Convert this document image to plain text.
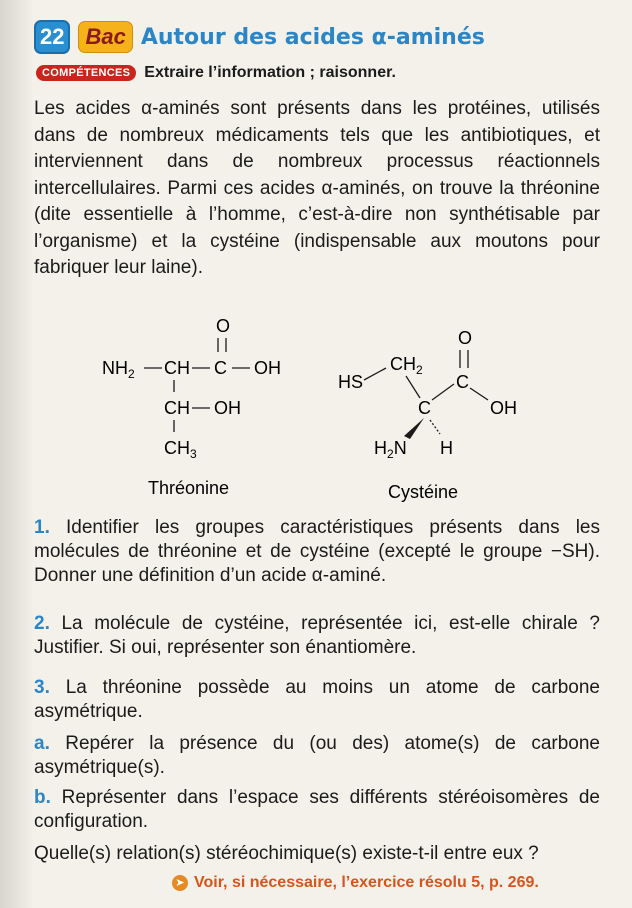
22 Bac Autour des acides α-aminés
COMPÉTENCES Extraire l’information ; raisonner.

Les acides α-aminés sont présents dans les protéines, utilisés dans de nombreux médicaments tels que les antibiotiques, et interviennent dans de nombreux processus réactionnels intercellulaires. Parmi ces acides α-aminés, on trouve la thréonine (dite essentielle à l’homme, c’est-à-dire non synthétisable par l’organisme) et la cystéine (indispensable aux moutons pour fabriquer leur laine).

O
$NH_2$ CH C OH
CH OH
$CH_3$
Thréonine
O
$CH_2$
HS	C
C	OH
$H_2N$ H
Cystéine

1. Identifier les groupes caractéristiques présents dans les molécules de thréonine et de cystéine (excepté le groupe −SH). Donner une définition d’un acide α-aminé.

2. La molécule de cystéine, représentée ici, est-elle chirale ? Justifier. Si oui, représenter son énantiomère.

3. La thréonine possède au moins un atome de carbone asymétrique.

a. Repérer la présence du (ou des) atome(s) de carbone asymétrique(s).

b. Représenter dans l’espace ses différents stéréoisomères de configuration.

Quelle(s) relation(s) stéréochimique(s) existe-t-il entre eux ?

➤ Voir, si nécessaire, l’exercice résolu 5, p. 269.
